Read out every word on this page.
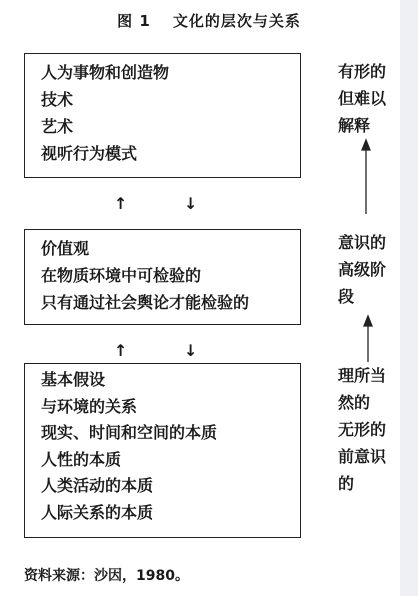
图 1 文化的层次与关系
人为事物和创造物
技术
艺术
视听行为模式
↑	↓
价值观
在物质环境中可检验的
只有通过社会舆论才能检验的
↑	↓
基本假设
与环境的关系
现实、时间和空间的本质
人性的本质
人类活动的本质
人际关系的本质
有形的
但难以
解释
意识的
高级阶
段
理所当
然的
无形的
前意识
的
资料来源：沙因，1980。
